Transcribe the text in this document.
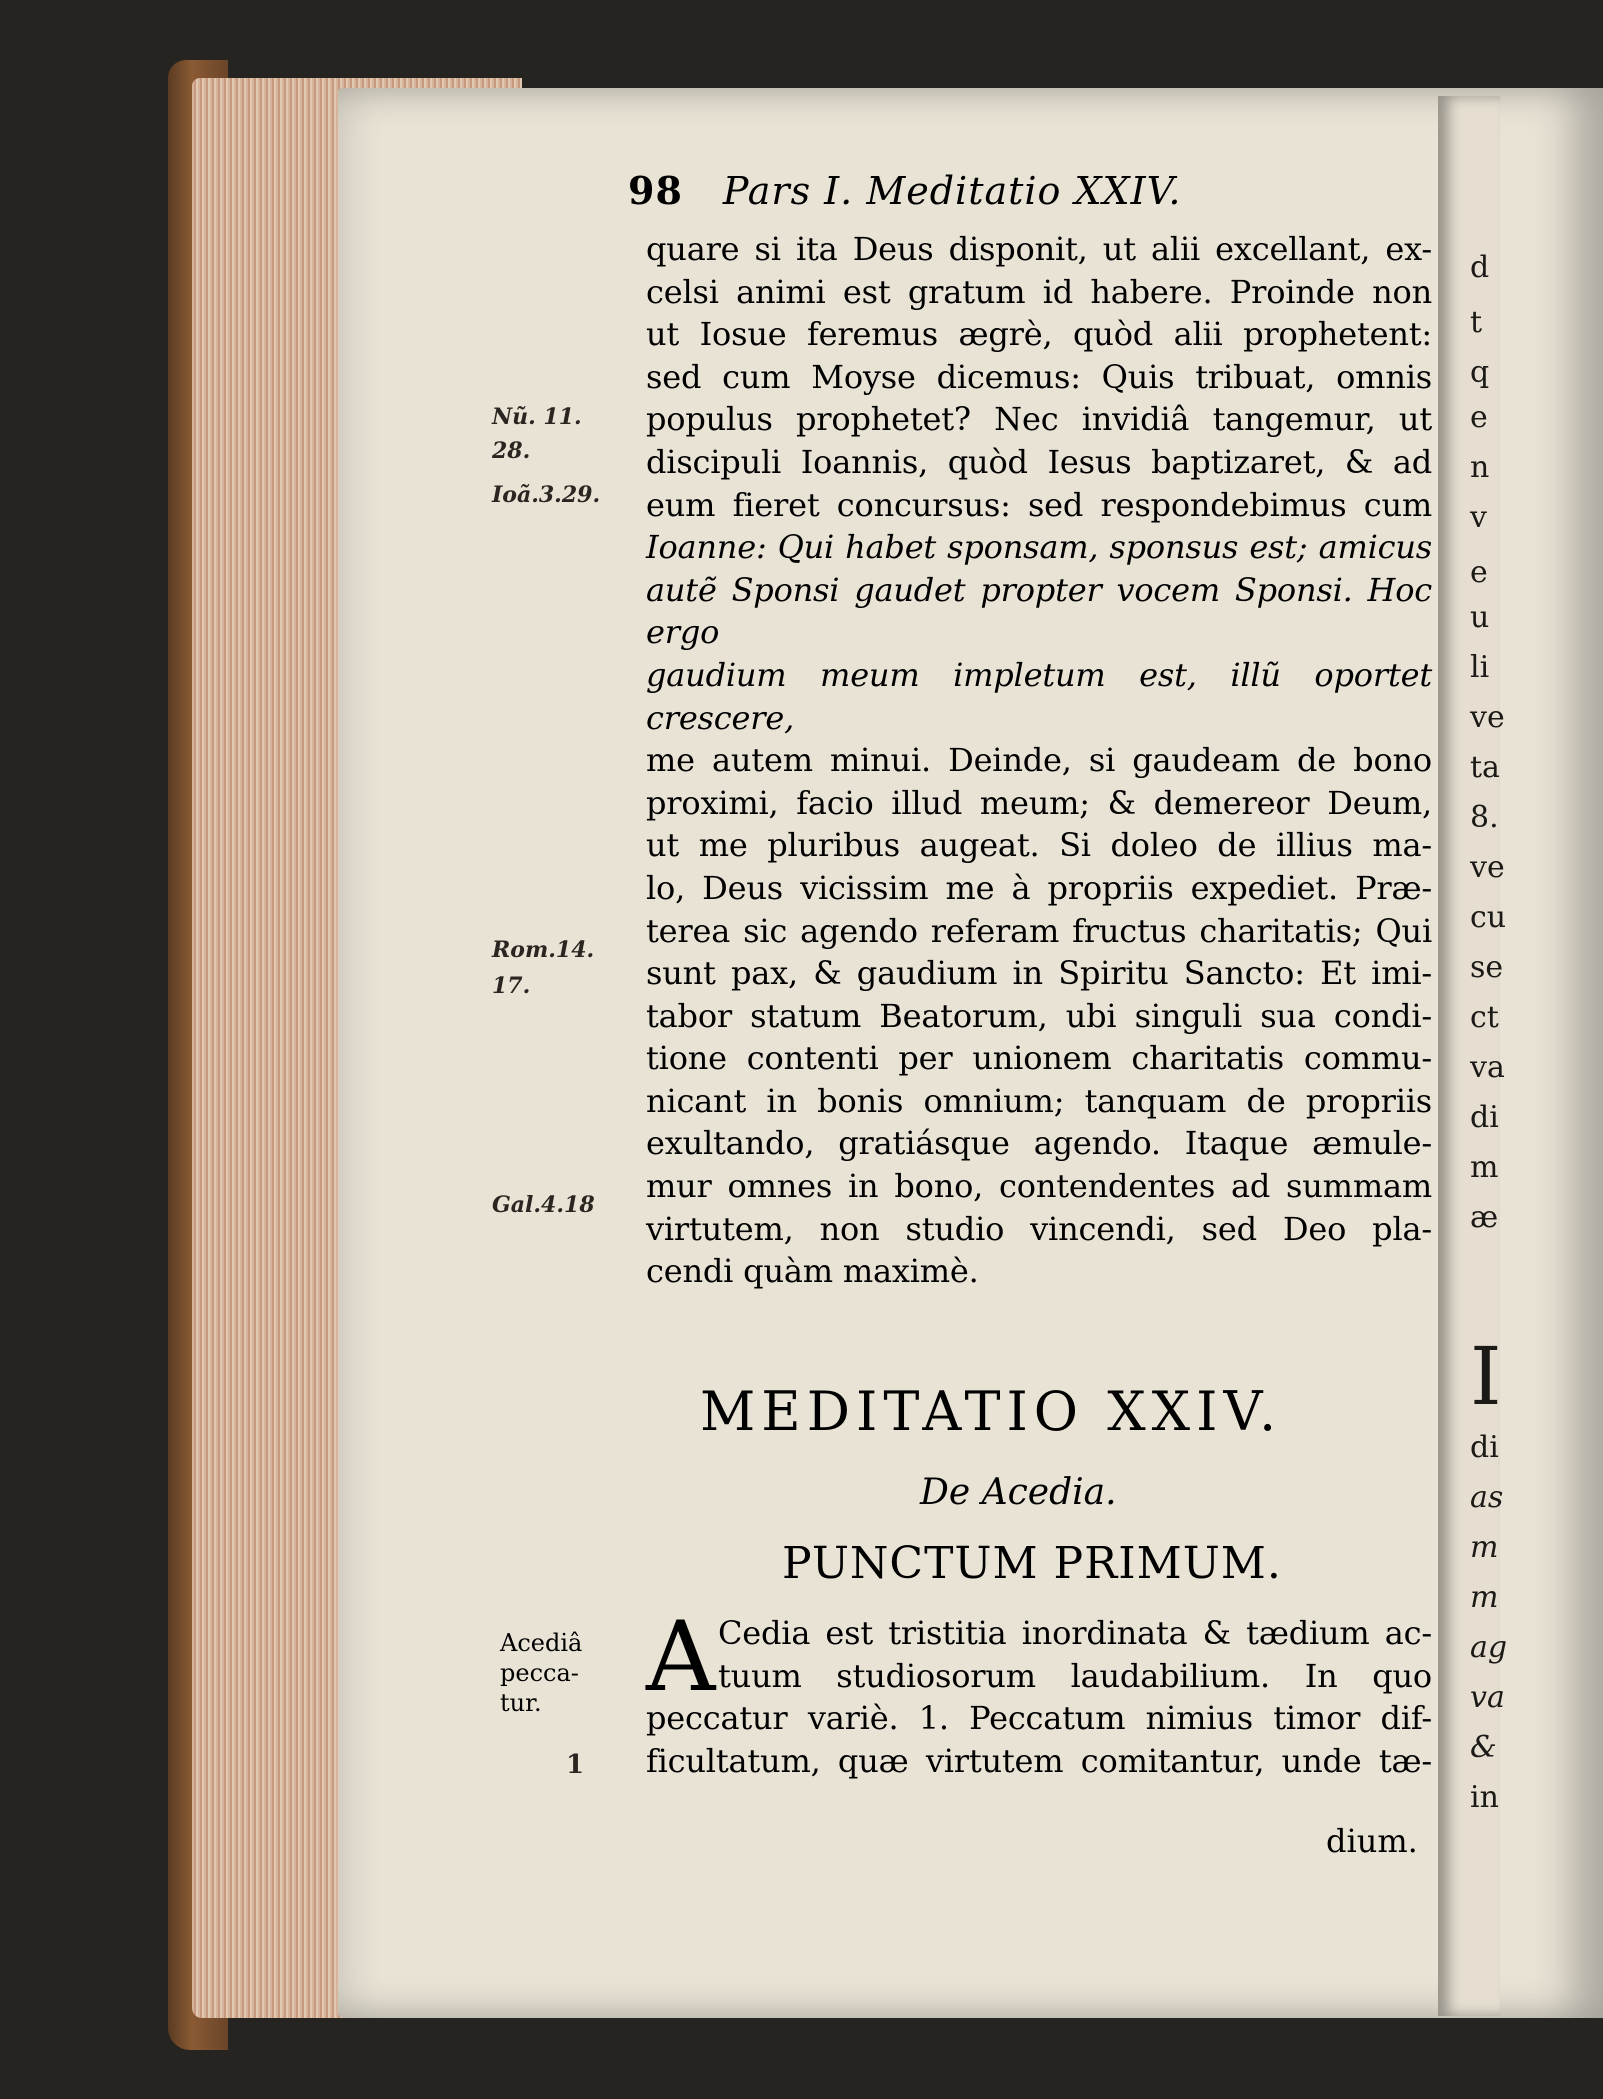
98 Pars I. Meditatio XXIV.
Nũ. 11. 28.
Ioã.3.29.
Rom.14. 17.
Gal.4.18
Acediâ pecca- tur.
1
quare si ita Deus disponit, ut alii excellant, ex-
celsi animi est gratum id habere. Proinde non
ut Iosue feremus ægrè, quòd alii prophetent:
sed cum Moyse dicemus: Quis tribuat, omnis
populus prophetet? Nec invidiâ tangemur, ut
discipuli Ioannis, quòd Iesus baptizaret, & ad
eum fieret concursus: sed respondebimus cum
Ioanne: Qui habet sponsam, sponsus est; amicus
autẽ Sponsi gaudet propter vocem Sponsi. Hoc ergo
gaudium meum impletum est, illũ oportet crescere,
me autem minui. Deinde, si gaudeam de bono
proximi, facio illud meum; & demereor Deum,
ut me pluribus augeat. Si doleo de illius ma-
lo, Deus vicissim me à propriis expediet. Præ-
terea sic agendo referam fructus charitatis; Qui
sunt pax, & gaudium in Spiritu Sancto: Et imi-
tabor statum Beatorum, ubi singuli sua condi-
tione contenti per unionem charitatis commu-
nicant in bonis omnium; tanquam de propriis
exultando, gratiásque agendo. Itaque æmule-
mur omnes in bono, contendentes ad summam
virtutem, non studio vincendi, sed Deo pla-
cendi quàm maximè.
MEDITATIO XXIV.
De Acedia.
PUNCTUM PRIMUM.
A Cedia est tristitia inordinata & tædium ac-
tuum studiosorum laudabilium. In quo
peccatur variè. 1. Peccatum nimius timor dif-
ficultatum, quæ virtutem comitantur, unde tæ-
dium.
d
t
q
e
n
v
e
u
li
ve
ta
8.
ve
cu
se
ct
va
di
m
æ
I
di
as
m
m
ag
va
&
in
